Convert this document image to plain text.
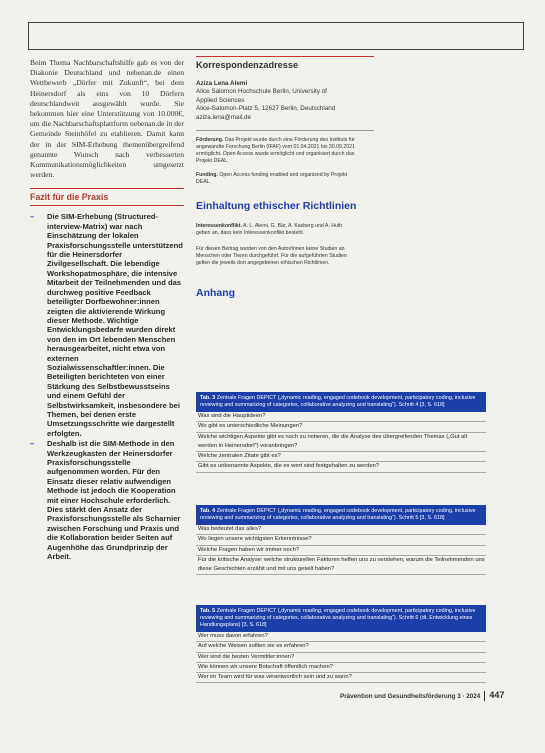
Beim Thema Nachbarschaftshilfe gab es von der Diakonie Deutschland und nebenan.de einen Wettbewerb „Dörfer mit Zukunft“, bei dem Heinersdorf als eins von 10 Dörfern deutschlandweit ausgewählt wurde. Sie bekommen hier eine Unterstützung von 10.000€, um die Nachbarschaftsplattform nebenan.de in der Gemeinde Steinhöfel zu etablieren. Damit kann der in der SIM-Erhebung themenübergreifend genannte Wunsch nach verbesserten Kommunikationsmöglichkeiten umgesetzt werden.

Fazit für die Praxis
– Die SIM-Erhebung (Structured-interview-Matrix) war nach Einschätzung der lokalen Praxisforschungsstelle unterstützend für die Heinersdorfer Zivilgesellschaft. Die lebendige Workshopatmosphäre, die intensive Mitarbeit der Teilnehmenden und das durchweg positive Feedback beteiligter Dorfbewohner:innen zeigten die aktivierende Wirkung dieser Methode. Wichtige Entwicklungsbedarfe wurden direkt von den im Ort lebenden Menschen herausgearbeitet, nicht etwa von externen Sozialwissenschaftler:innen. Die Beteiligten berichteten von einer Stärkung des Selbstbewusstseins und einem Gefühl der Selbstwirksamkeit, insbesondere bei Themen, bei denen erste Umsetzungsschritte wie dargestellt erfolgten.
– Deshalb ist die SIM-Methode in den Werkzeugkasten der Heinersdorfer Praxisforschungsstelle aufgenommen worden. Für den Einsatz dieser relativ aufwendigen Methode ist jedoch die Kooperation mit einer Hochschule erforderlich. Dies stärkt den Ansatz der Praxisforschungsstelle als Scharnier zwischen Forschung und Praxis und die Kollaboration beider Seiten auf Augenhöhe das Grundprinzip der Arbeit.
Korrespondenzadresse
Aziza Lena Alemi
Alice Salomon Hochschule Berlin, University of Applied Sciences
Alice-Salomon-Platz 5, 12627 Berlin, Deutschland
aziza.lena@mail.de
Förderung. Das Projekt wurde durch eine Förderung des Instituts für angewandte Forschung Berlin (IFAF) vom 01.04.2021 bis 30.09.2021 ermöglicht. Open Access wurde ermöglicht und organisiert durch das Projekt DEAL.
Funding. Open Access funding enabled and organized by Projekt DEAL.
Einhaltung ethischer Richtlinien
Interessenkonflikt. A. L. Alemi, G. Bär, A. Kasberg und A. Huth geben an, dass kein Interessenkonflikt besteht.
Für diesen Beitrag wurden von den Autor/innen keine Studien an Menschen oder Tieren durchgeführt. Für die aufgeführten Studien gelten die jeweils dort angegebenen ethischen Richtlinien.
Anhang
Tab. 3 Zentrale Fragen DEPICT („dynamic reading, engaged codebook development, participatory coding, inclusive reviewing and summarizing of categories, collaborative analyzing and translating“). Schritt 4 [3, S. 618]
Was sind die Hauptideen?
Wo gibt es unterschiedliche Meinungen?
Welche wichtigen Aspekte gibt es noch zu notieren, die die Analyse des übergreifenden Themas („Gut alt werden in Heinersdorf“) voranbringen?
Welche zentralen Zitate gibt es?
Gibt es unbenannte Aspekte, die es wert sind festgehalten zu werden?
Tab. 4 Zentrale Fragen DEPICT („dynamic reading, engaged codebook development, participatory coding, inclusive reviewing and summarizing of categories, collaborative analyzing and translating“). Schritt 5 [3, S. 618]
Was bedeutet das alles?
Wo liegen unsere wichtigsten Erkenntnisse?
Welche Fragen haben wir immer noch?
Für die kritische Analyse: welche strukturellen Faktoren helfen uns zu verstehen, warum die Teilnehmenden uns diese Geschichten erzählt und mit uns geteilt haben?
Tab. 5 Zentrale Fragen DEPICT („dynamic reading, engaged codebook development, participatory coding, inclusive reviewing and summarizing of categories, collaborative analyzing and translating“). Schritt 6 (dt. Entwicklung eines Handlungsplans) [3, S. 618]
Wer muss davon erfahren?
Auf welche Weisen sollten sie es erfahren?
Wer sind die besten Vermittler:innen?
Wie können wir unsere Botschaft öffentlich machen?
Wer im Team wird für was verantwortlich sein und zu wann?
Prävention und Gesundheitsförderung 3 · 2024 447
